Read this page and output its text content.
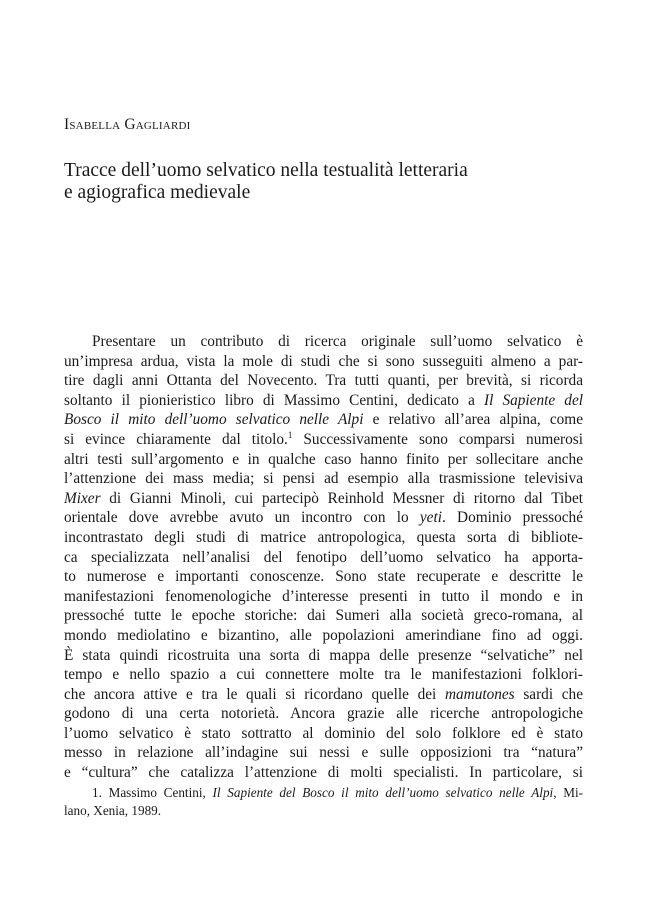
Isabella Gagliardi
Tracce dell’uomo selvatico nella testualità letteraria
e agiografica medievale
Presentare un contributo di ricerca originale sull’uomo selvatico è
un’impresa ardua, vista la mole di studi che si sono susseguiti almeno a par-
tire dagli anni Ottanta del Novecento. Tra tutti quanti, per brevità, si ricorda
soltanto il pionieristico libro di Massimo Centini, dedicato a Il Sapiente del
Bosco il mito dell’uomo selvatico nelle Alpi e relativo all’area alpina, come
si evince chiaramente dal titolo.$^1$ Successivamente sono comparsi numerosi
altri testi sull’argomento e in qualche caso hanno finito per sollecitare anche
l’attenzione dei mass media; si pensi ad esempio alla trasmissione televisiva
Mixer di Gianni Minoli, cui partecipò Reinhold Messner di ritorno dal Tibet
orientale dove avrebbe avuto un incontro con lo yeti. Dominio pressoché
incontrastato degli studi di matrice antropologica, questa sorta di bibliote-
ca specializzata nell’analisi del fenotipo dell’uomo selvatico ha apporta-
to numerose e importanti conoscenze. Sono state recuperate e descritte le
manifestazioni fenomenologiche d’interesse presenti in tutto il mondo e in
pressoché tutte le epoche storiche: dai Sumeri alla società greco-romana, al
mondo mediolatino e bizantino, alle popolazioni amerindiane fino ad oggi.
È stata quindi ricostruita una sorta di mappa delle presenze “selvatiche” nel
tempo e nello spazio a cui connettere molte tra le manifestazioni folklori-
che ancora attive e tra le quali si ricordano quelle dei mamutones sardi che
godono di una certa notorietà. Ancora grazie alle ricerche antropologiche
l’uomo selvatico è stato sottratto al dominio del solo folklore ed è stato
messo in relazione all’indagine sui nessi e sulle opposizioni tra “natura”
e “cultura” che catalizza l’attenzione di molti specialisti. In particolare, si
1. Massimo Centini, Il Sapiente del Bosco il mito dell’uomo selvatico nelle Alpi, Mi-
lano, Xenia, 1989.
